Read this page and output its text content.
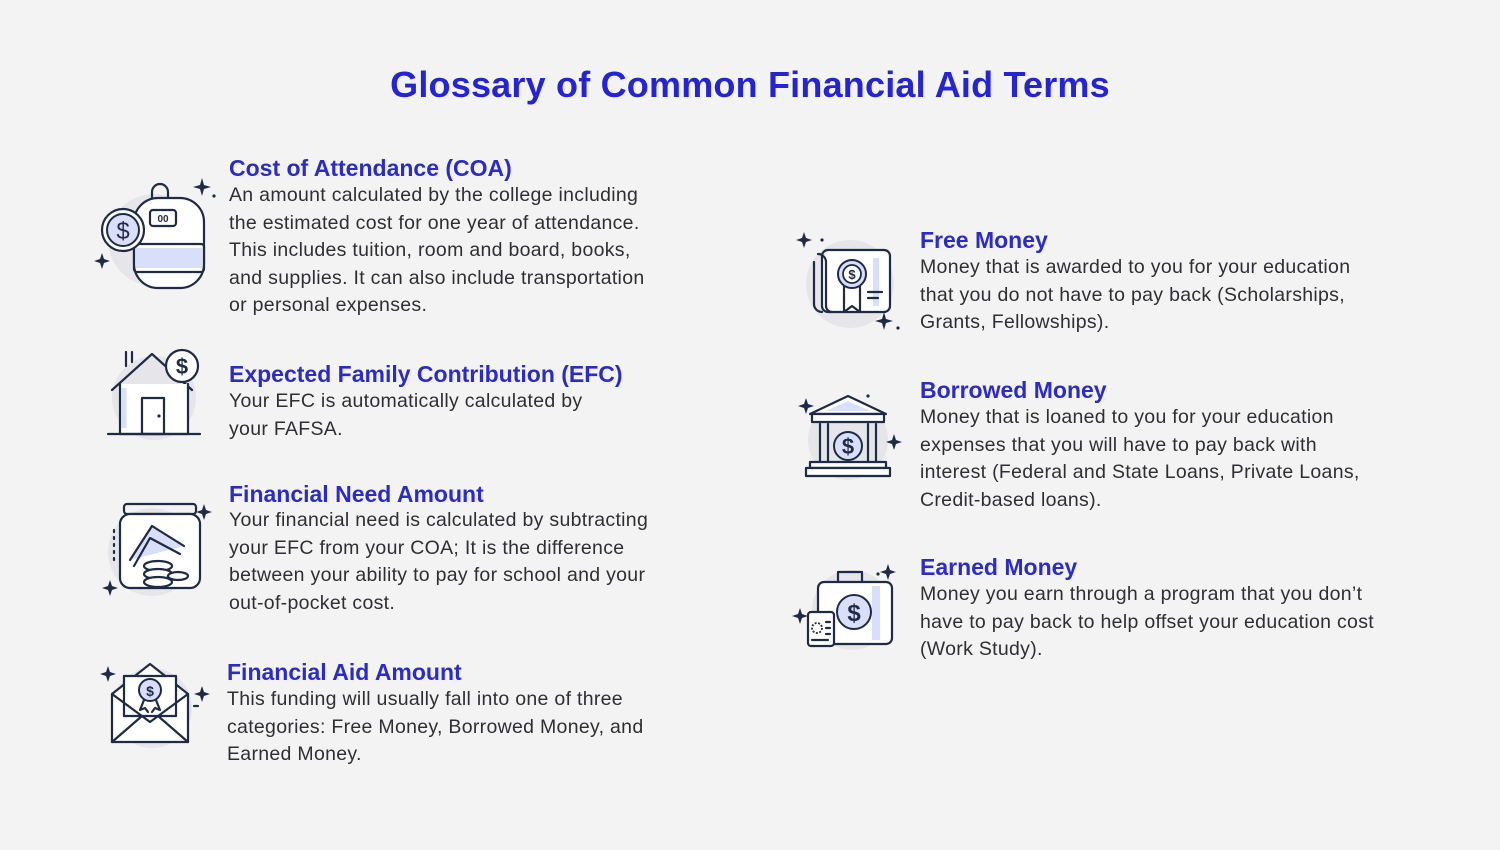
Glossary of Common Financial Aid Terms
00
$
Cost of Attendance (COA)

An amount calculated by the college including
the estimated cost for one year of attendance.
This includes tuition, room and board, books,
and supplies. It can also include transportation
or personal expenses.

$ Expected Family Contribution (EFC)

Your EFC is automatically calculated by
your FAFSA.

Financial Need Amount

Your financial need is calculated by subtracting
your EFC from your COA; It is the difference
between your ability to pay for school and your
out-of-pocket cost.

$
Financial Aid Amount

This funding will usually fall into one of three
categories: Free Money, Borrowed Money, and
Earned Money.

$
Free Money

Money that is awarded to you for your education
that you do not have to pay back (Scholarships,
Grants, Fellowships).

$
Borrowed Money

Money that is loaned to you for your education
expenses that you will have to pay back with
interest (Federal and State Loans, Private Loans,
Credit-based loans).

$
Earned Money

Money you earn through a program that you don’t
have to pay back to help offset your education cost
(Work Study).
